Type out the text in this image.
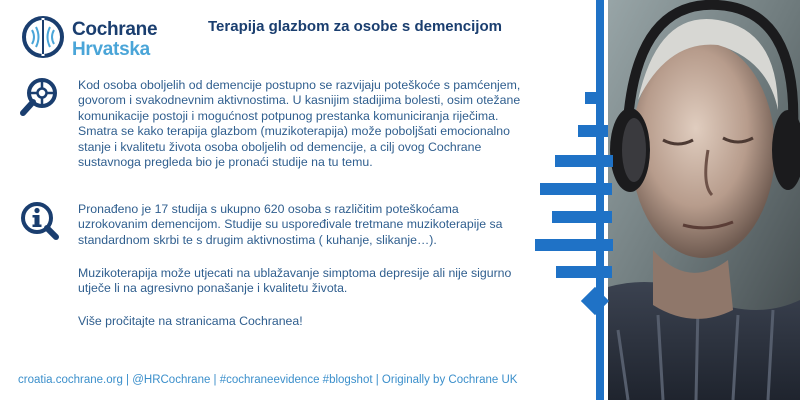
Cochrane
Hrvatska
Terapija glazbom za osobe s demencijom

Kod osoba oboljelih od demencije postupno se razvijaju poteškoće s pamćenjem, govorom i svakodnevnim aktivnostima. U kasnijim stadijima bolesti, osim otežane komunikacije postoji i mogućnost potpunog prestanka komuniciranja riječima. Smatra se kako terapija glazbom (muzikoterapija) može poboljšati emocionalno stanje i kvalitetu života osoba oboljelih od demencije, a cilj ovog Cochrane sustavnoga pregleda bio je pronaći studije na tu temu.

Pronađeno je 17 studija s ukupno 620 osoba s različitim poteškoćama uzrokovanim demencijom. Studije su uspoređivale tretmane muzikoterapije sa standardnom skrbi te s drugim aktivnostima ( kuhanje, slikanje…).

Muzikoterapija može utjecati na ublažavanje simptoma depresije ali nije sigurno utječe li na agresivno ponašanje i kvalitetu života.

Više pročitajte na stranicama Cochranea!

croatia.cochrane.org | @HRCochrane | #cochraneevidence #blogshot | Originally by Cochrane UK
